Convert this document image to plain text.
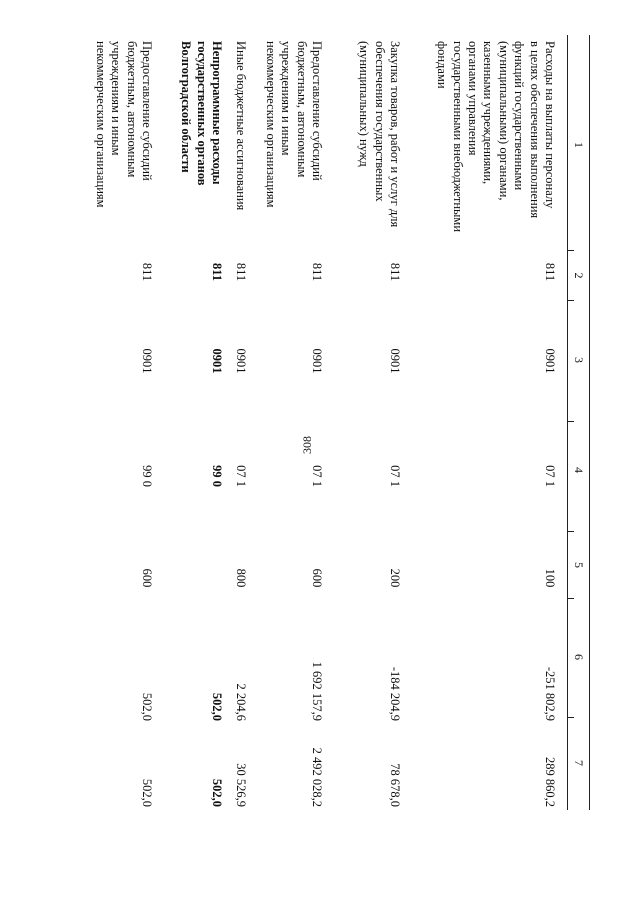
308
1
2
3
4
5
6
7
Расходы на выплаты персоналу
в целях обеспечения выполнения
функций государственными
(муниципальными) органами,
казенными учреждениями,
органами управления
государственными внебюджетными
фондами
811
0901
07 1
100
-251 802,9
289 860,2
Закупка товаров, работ и услуг для
обеспечения государственных
(муниципальных) нужд
811
0901
07 1
200
-184 204,9
78 678,0
Предоставление субсидий
бюджетным, автономным
учреждениям и иным
некоммерческим организациям
811
0901
07 1
600
1 692 157,9
2 492 028,2
Иные бюджетные ассигнования
811
0901
07 1
800
2 204,6
30 526,9
Непрограммные расходы
государственных органов
Волгоградской области
811
0901
99 0
502,0
502,0
Предоставление субсидий
бюджетным, автономным
учреждениям и иным
некоммерческим организациям
811
0901
99 0
600
502,0
502,0
